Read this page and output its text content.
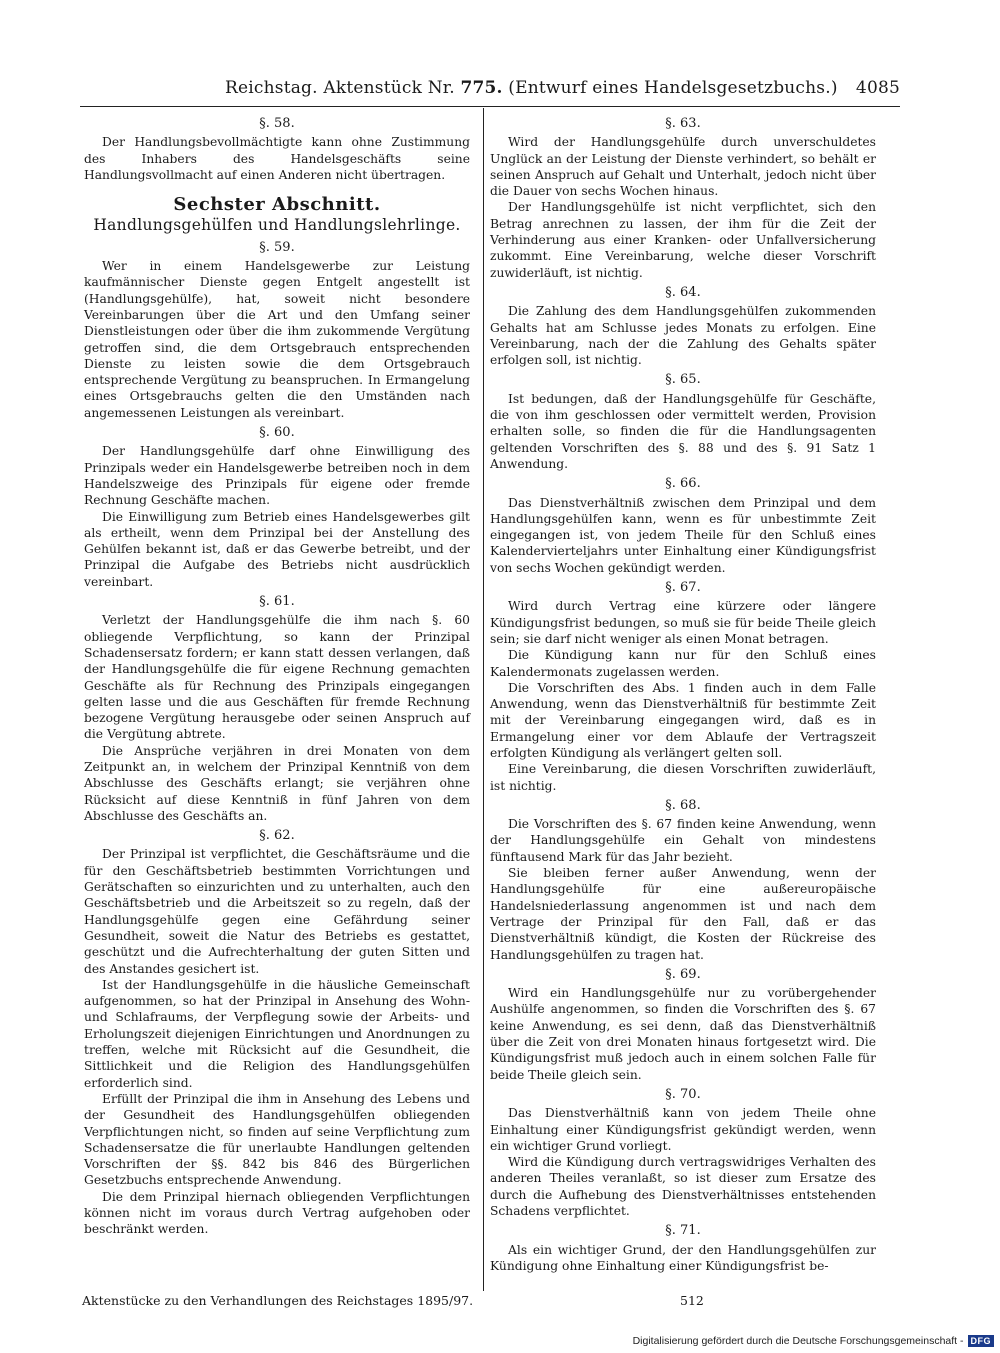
Reichstag. Aktenstück Nr. 775. (Entwurf eines Handelsgesetzbuchs.) 4085
§. 58.

Der Handlungsbevollmächtigte kann ohne Zustimmung des Inhabers des Handelsgeschäfts seine Handlungsvollmacht auf einen Anderen nicht übertragen.

Sechster Abschnitt.
Handlungsgehülfen und Handlungslehrlinge.
§. 59.

Wer in einem Handelsgewerbe zur Leistung kaufmännischer Dienste gegen Entgelt angestellt ist (Handlungsgehülfe), hat, soweit nicht besondere Vereinbarungen über die Art und den Umfang seiner Dienstleistungen oder über die ihm zukommende Vergütung getroffen sind, die dem Ortsgebrauch entsprechenden Dienste zu leisten sowie die dem Ortsgebrauch entsprechende Vergütung zu beanspruchen. In Ermangelung eines Ortsgebrauchs gelten die den Umständen nach angemessenen Leistungen als vereinbart.

§. 60.

Der Handlungsgehülfe darf ohne Einwilligung des Prinzipals weder ein Handelsgewerbe betreiben noch in dem Handelszweige des Prinzipals für eigene oder fremde Rechnung Geschäfte machen.

Die Einwilligung zum Betrieb eines Handelsgewerbes gilt als ertheilt, wenn dem Prinzipal bei der Anstellung des Gehülfen bekannt ist, daß er das Gewerbe betreibt, und der Prinzipal die Aufgabe des Betriebs nicht ausdrücklich vereinbart.

§. 61.

Verletzt der Handlungsgehülfe die ihm nach §. 60 obliegende Verpflichtung, so kann der Prinzipal Schadensersatz fordern; er kann statt dessen verlangen, daß der Handlungsgehülfe die für eigene Rechnung gemachten Geschäfte als für Rechnung des Prinzipals eingegangen gelten lasse und die aus Geschäften für fremde Rechnung bezogene Vergütung herausgebe oder seinen Anspruch auf die Vergütung abtrete.

Die Ansprüche verjähren in drei Monaten von dem Zeitpunkt an, in welchem der Prinzipal Kenntniß von dem Abschlusse des Geschäfts erlangt; sie verjähren ohne Rücksicht auf diese Kenntniß in fünf Jahren von dem Abschlusse des Geschäfts an.

§. 62.

Der Prinzipal ist verpflichtet, die Geschäftsräume und die für den Geschäftsbetrieb bestimmten Vorrichtungen und Gerätschaften so einzurichten und zu unterhalten, auch den Geschäftsbetrieb und die Arbeitszeit so zu regeln, daß der Handlungsgehülfe gegen eine Gefährdung seiner Gesundheit, soweit die Natur des Betriebs es gestattet, geschützt und die Aufrechterhaltung der guten Sitten und des Anstandes gesichert ist.

Ist der Handlungsgehülfe in die häusliche Gemeinschaft aufgenommen, so hat der Prinzipal in Ansehung des Wohn- und Schlafraums, der Verpflegung sowie der Arbeits- und Erholungszeit diejenigen Einrichtungen und Anordnungen zu treffen, welche mit Rücksicht auf die Gesundheit, die Sittlichkeit und die Religion des Handlungsgehülfen erforderlich sind.

Erfüllt der Prinzipal die ihm in Ansehung des Lebens und der Gesundheit des Handlungsgehülfen obliegenden Verpflichtungen nicht, so finden auf seine Verpflichtung zum Schadensersatze die für unerlaubte Handlungen geltenden Vorschriften der §§. 842 bis 846 des Bürgerlichen Gesetzbuchs entsprechende Anwendung.

Die dem Prinzipal hiernach obliegenden Verpflichtungen können nicht im voraus durch Vertrag aufgehoben oder beschränkt werden.

§. 63.

Wird der Handlungsgehülfe durch unverschuldetes Unglück an der Leistung der Dienste verhindert, so behält er seinen Anspruch auf Gehalt und Unterhalt, jedoch nicht über die Dauer von sechs Wochen hinaus.

Der Handlungsgehülfe ist nicht verpflichtet, sich den Betrag anrechnen zu lassen, der ihm für die Zeit der Verhinderung aus einer Kranken- oder Unfallversicherung zukommt. Eine Vereinbarung, welche dieser Vorschrift zuwiderläuft, ist nichtig.

§. 64.

Die Zahlung des dem Handlungsgehülfen zukommenden Gehalts hat am Schlusse jedes Monats zu erfolgen. Eine Vereinbarung, nach der die Zahlung des Gehalts später erfolgen soll, ist nichtig.

§. 65.

Ist bedungen, daß der Handlungsgehülfe für Geschäfte, die von ihm geschlossen oder vermittelt werden, Provision erhalten solle, so finden die für die Handlungsagenten geltenden Vorschriften des §. 88 und des §. 91 Satz 1 Anwendung.

§. 66.

Das Dienstverhältniß zwischen dem Prinzipal und dem Handlungsgehülfen kann, wenn es für unbestimmte Zeit eingegangen ist, von jedem Theile für den Schluß eines Kalendervierteljahrs unter Einhaltung einer Kündigungsfrist von sechs Wochen gekündigt werden.

§. 67.

Wird durch Vertrag eine kürzere oder längere Kündigungsfrist bedungen, so muß sie für beide Theile gleich sein; sie darf nicht weniger als einen Monat betragen.

Die Kündigung kann nur für den Schluß eines Kalendermonats zugelassen werden.

Die Vorschriften des Abs. 1 finden auch in dem Falle Anwendung, wenn das Dienstverhältniß für bestimmte Zeit mit der Vereinbarung eingegangen wird, daß es in Ermangelung einer vor dem Ablaufe der Vertragszeit erfolgten Kündigung als verlängert gelten soll.

Eine Vereinbarung, die diesen Vorschriften zuwiderläuft, ist nichtig.

§. 68.

Die Vorschriften des §. 67 finden keine Anwendung, wenn der Handlungsgehülfe ein Gehalt von mindestens fünftausend Mark für das Jahr bezieht.

Sie bleiben ferner außer Anwendung, wenn der Handlungsgehülfe für eine außereuropäische Handelsniederlassung angenommen ist und nach dem Vertrage der Prinzipal für den Fall, daß er das Dienstverhältniß kündigt, die Kosten der Rückreise des Handlungsgehülfen zu tragen hat.

§. 69.

Wird ein Handlungsgehülfe nur zu vorübergehender Aushülfe angenommen, so finden die Vorschriften des §. 67 keine Anwendung, es sei denn, daß das Dienstverhältniß über die Zeit von drei Monaten hinaus fortgesetzt wird. Die Kündigungsfrist muß jedoch auch in einem solchen Falle für beide Theile gleich sein.

§. 70.

Das Dienstverhältniß kann von jedem Theile ohne Einhaltung einer Kündigungsfrist gekündigt werden, wenn ein wichtiger Grund vorliegt.

Wird die Kündigung durch vertragswidriges Verhalten des anderen Theiles veranlaßt, so ist dieser zum Ersatze des durch die Aufhebung des Dienstverhältnisses entstehenden Schadens verpflichtet.

§. 71.

Als ein wichtiger Grund, der den Handlungsgehülfen zur Kündigung ohne Einhaltung einer Kündigungsfrist be-

Aktenstücke zu den Verhandlungen des Reichstages 1895/97.	512
Digitalisierung gefördert durch die Deutsche Forschungsgemeinschaft - DFG
